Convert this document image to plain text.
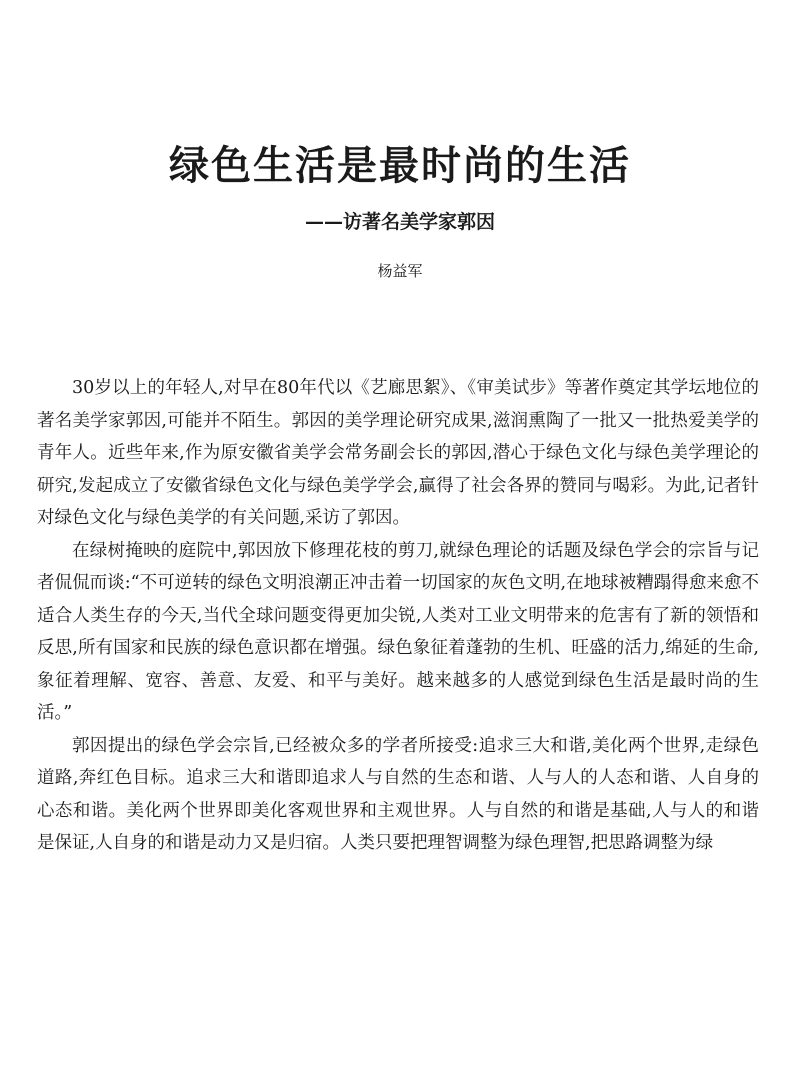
绿色生活是最时尚的生活
——访著名美学家郭因
杨益军

30岁以上的年轻人,对早在80年代以《艺廊思絮》、《审美试步》等著作奠定其学坛地位的著名美学家郭因,可能并不陌生。郭因的美学理论研究成果,滋润熏陶了一批又一批热爱美学的青年人。近些年来,作为原安徽省美学会常务副会长的郭因,潜心于绿色文化与绿色美学理论的研究,发起成立了安徽省绿色文化与绿色美学学会,赢得了社会各界的赞同与喝彩。为此,记者针对绿色文化与绿色美学的有关问题,采访了郭因。

在绿树掩映的庭院中,郭因放下修理花枝的剪刀,就绿色理论的话题及绿色学会的宗旨与记者侃侃而谈:“不可逆转的绿色文明浪潮正冲击着一切国家的灰色文明,在地球被糟蹋得愈来愈不适合人类生存的今天,当代全球问题变得更加尖锐,人类对工业文明带来的危害有了新的领悟和反思,所有国家和民族的绿色意识都在增强。绿色象征着蓬勃的生机、旺盛的活力,绵延的生命,象征着理解、宽容、善意、友爱、和平与美好。越来越多的人感觉到绿色生活是最时尚的生活。”

郭因提出的绿色学会宗旨,已经被众多的学者所接受:追求三大和谐,美化两个世界,走绿色道路,奔红色目标。追求三大和谐即追求人与自然的生态和谐、人与人的人态和谐、人自身的心态和谐。美化两个世界即美化客观世界和主观世界。人与自然的和谐是基础,人与人的和谐是保证,人自身的和谐是动力又是归宿。人类只要把理智调整为绿色理智,把思路调整为绿
